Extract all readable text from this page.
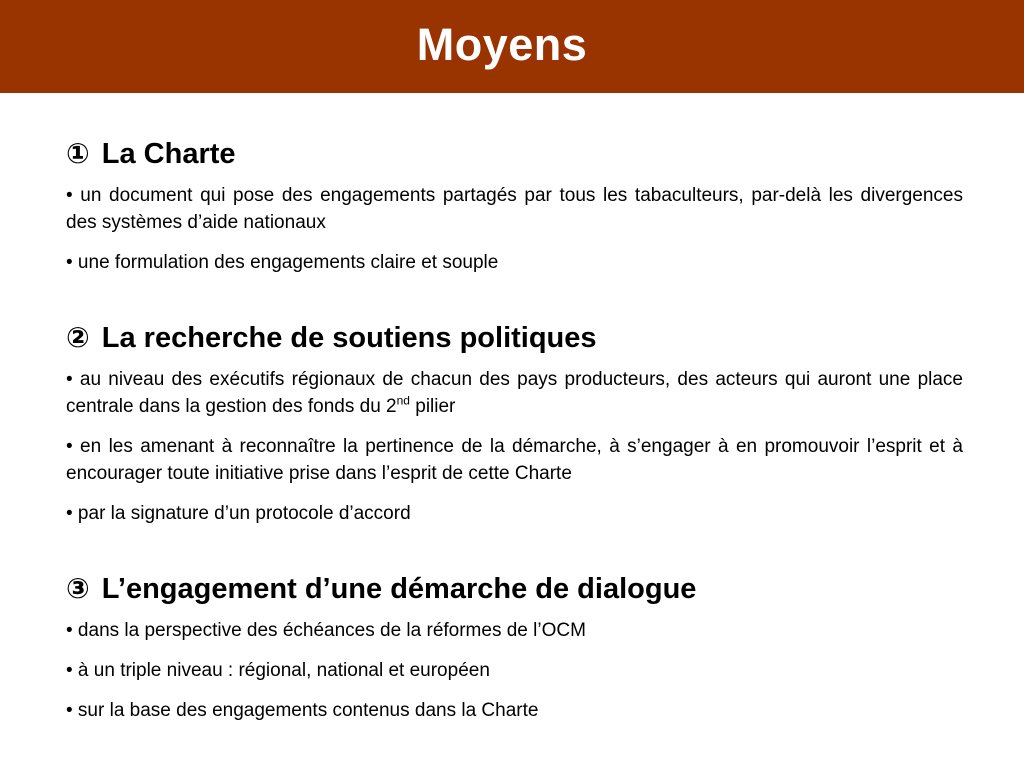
Moyens
① La Charte

• un document qui pose des engagements partagés par tous les tabaculteurs, par-delà les divergences des systèmes d’aide nationaux

• une formulation des engagements claire et souple

② La recherche de soutiens politiques

• au niveau des exécutifs régionaux de chacun des pays producteurs, des acteurs qui auront une place centrale dans la gestion des fonds du 2nd pilier

• en les amenant à reconnaître la pertinence de la démarche, à s’engager à en promouvoir l’esprit et à encourager toute initiative prise dans l’esprit de cette Charte

• par la signature d’un protocole d’accord

③ L’engagement d’une démarche de dialogue

• dans la perspective des échéances de la réformes de l’OCM

• à un triple niveau : régional, national et européen

• sur la base des engagements contenus dans la Charte
